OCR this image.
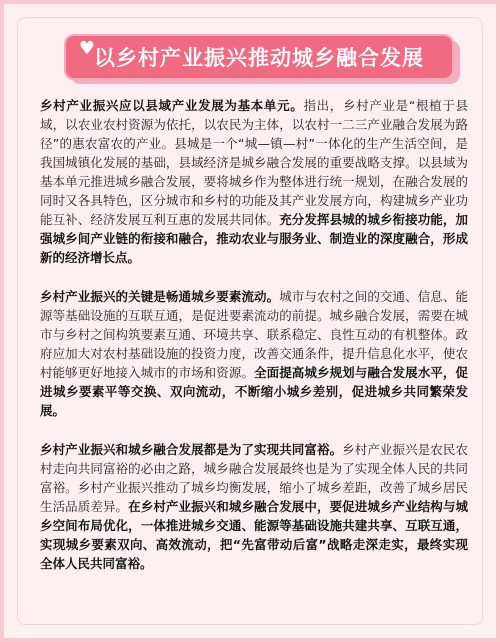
以乡村产业振兴推动城乡融合发展
♥

乡村产业振兴应以县域产业发展为基本单元。指出，乡村产业是“根植于县域，以农业农村资源为依托，以农民为主体，以农村一二三产业融合发展为路径”的惠农富农的产业。县城是一个“城—镇—村”一体化的生产生活空间，是我国城镇化发展的基础，县域经济是城乡融合发展的重要战略支撑。以县域为基本单元推进城乡融合发展，要将城乡作为整体进行统一规划，在融合发展的同时又各具特色，区分城市和乡村的功能及其产业发展方向，构建城乡产业功能互补、经济发展互利互惠的发展共同体。充分发挥县城的城乡衔接功能，加强城乡间产业链的衔接和融合，推动农业与服务业、制造业的深度融合，形成新的经济增长点。

乡村产业振兴的关键是畅通城乡要素流动。城市与农村之间的交通、信息、能源等基础设施的互联互通，是促进要素流动的前提。城乡融合发展，需要在城市与乡村之间构筑要素互通、环境共享、联系稳定、良性互动的有机整体。政府应加大对农村基础设施的投资力度，改善交通条件，提升信息化水平，使农村能够更好地接入城市的市场和资源。全面提高城乡规划与融合发展水平，促进城乡要素平等交换、双向流动，不断缩小城乡差别，促进城乡共同繁荣发展。

乡村产业振兴和城乡融合发展都是为了实现共同富裕。乡村产业振兴是农民农村走向共同富裕的必由之路，城乡融合发展最终也是为了实现全体人民的共同富裕。乡村产业振兴推动了城乡均衡发展，缩小了城乡差距，改善了城乡居民生活品质差异。在乡村产业振兴和城乡融合发展中，要促进城乡产业结构与城乡空间布局优化，一体推进城乡交通、能源等基础设施共建共享、互联互通，实现城乡要素双向、高效流动，把“先富带动后富”战略走深走实，最终实现全体人民共同富裕。
